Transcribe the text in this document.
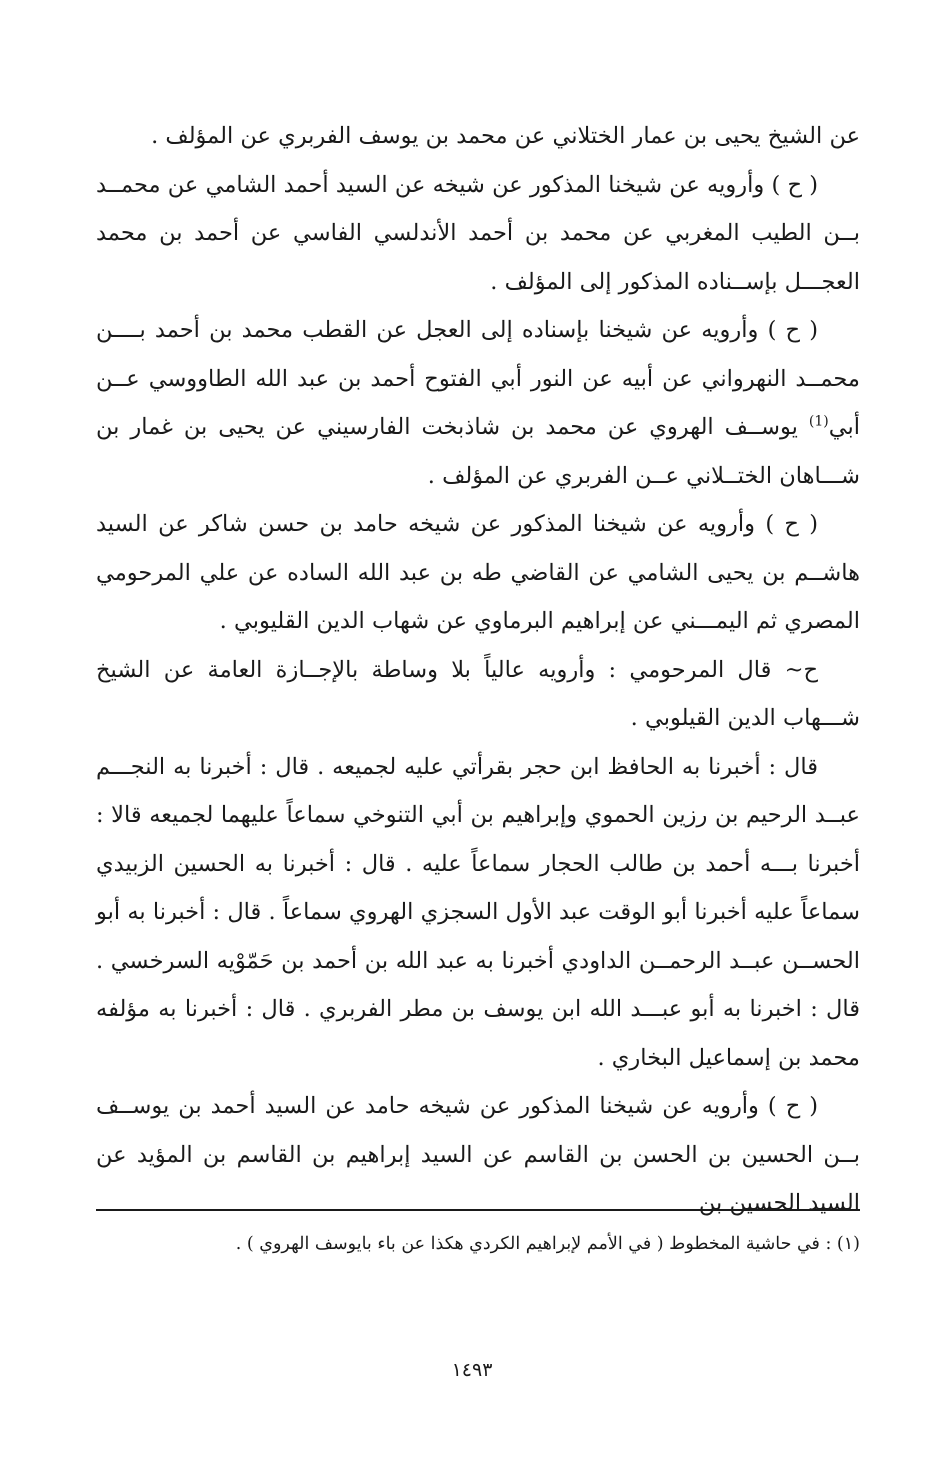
عن الشيخ يحيى بن عمار الختلاني عن محمد بن يوسف الفربري عن المؤلف .

( ح ) وأرويه عن شيخنا المذكور عن شيخه عن السيد أحمد الشامي عن محمــد بــن الطيب المغربي عن محمد بن أحمد الأندلسي الفاسي عن أحمد بن محمد العجـــل بإســناده المذكور إلى المؤلف .

( ح ) وأرويه عن شيخنا بإسناده إلى العجل عن القطب محمد بن أحمد بــــن محمــد النهرواني عن أبيه عن النور أبي الفتوح أحمد بن عبد الله الطاووسي عــن أبي$^{(1)}$ يوســف الهروي عن محمد بن شاذبخت الفارسيني عن يحيى بن غمار بن شـــاهان الختــلاني عــن الفربري عن المؤلف .

( ح ) وأرويه عن شيخنا المذكور عن شيخه حامد بن حسن شاكر عن السيد هاشــم بن يحيى الشامي عن القاضي طه بن عبد الله الساده عن علي المرحومي المصري ثم اليمـــني عن إبراهيم البرماوي عن شهاب الدين القليوبي .

ح~ قال المرحومي : وأرويه عالياً بلا وساطة بالإجــازة العامة عن الشيخ شـــهاب الدين القيلوبي .

قال : أخبرنا به الحافظ ابن حجر بقرأتي عليه لجميعه . قال : أخبرنا به النجـــم عبــد الرحيم بن رزين الحموي وإبراهيم بن أبي التنوخي سماعاً عليهما لجميعه قالا : أخبرنا بـــه أحمد بن طالب الحجار سماعاً عليه . قال : أخبرنا به الحسين الزبيدي سماعاً عليه أخبرنا أبو الوقت عبد الأول السجزي الهروي سماعاً . قال : أخبرنا به أبو الحســن عبــد الرحمــن الداودي أخبرنا به عبد الله بن أحمد بن حَمّوْيه السرخسي . قال : اخبرنا به أبو عبـــد الله ابن يوسف بن مطر الفربري . قال : أخبرنا به مؤلفه محمد بن إسماعيل البخاري .

( ح ) وأرويه عن شيخنا المذكور عن شيخه حامد عن السيد أحمد بن يوســف بــن الحسين بن الحسن بن القاسم عن السيد إبراهيم بن القاسم بن المؤيد عن السيد الحسين بن

(١) : في حاشية المخطوط ( في الأمم لإبراهيم الكردي هكذا عن باء بايوسف الهروي ) .
١٤٩٣
